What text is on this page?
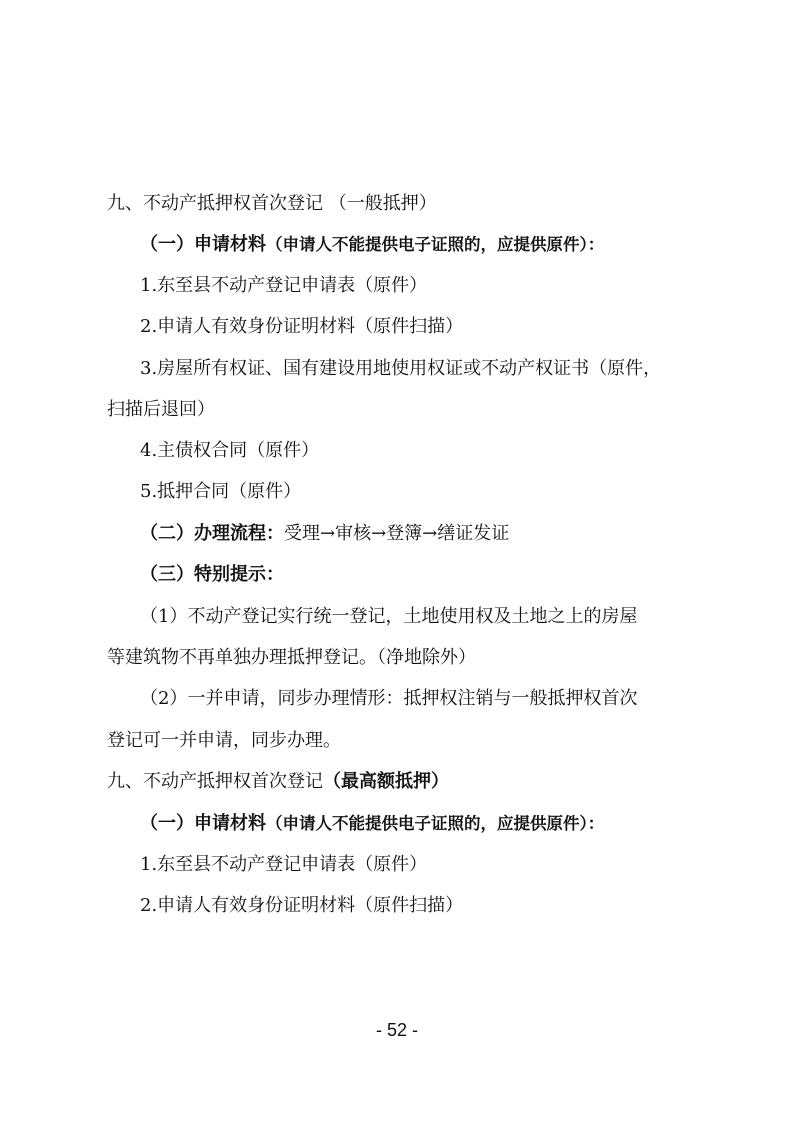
九、不动产抵押权首次登记 （一般抵押）
（一）申请材料（申请人不能提供电子证照的，应提供原件）：
1.东至县不动产登记申请表（原件）
2.申请人有效身份证明材料（原件扫描）
3.房屋所有权证、国有建设用地使用权证或不动产权证书（原件，
扫描后退回）
4.主债权合同（原件）
5.抵押合同（原件）
（二）办理流程：受理→审核→登簿→缮证发证
（三）特别提示：
（1）不动产登记实行统一登记，土地使用权及土地之上的房屋
等建筑物不再单独办理抵押登记。（净地除外）
（2）一并申请，同步办理情形：抵押权注销与一般抵押权首次
登记可一并申请，同步办理。
九、不动产抵押权首次登记（最高额抵押）
（一）申请材料（申请人不能提供电子证照的，应提供原件）：
1.东至县不动产登记申请表（原件）
2.申请人有效身份证明材料（原件扫描）
- 52 -
